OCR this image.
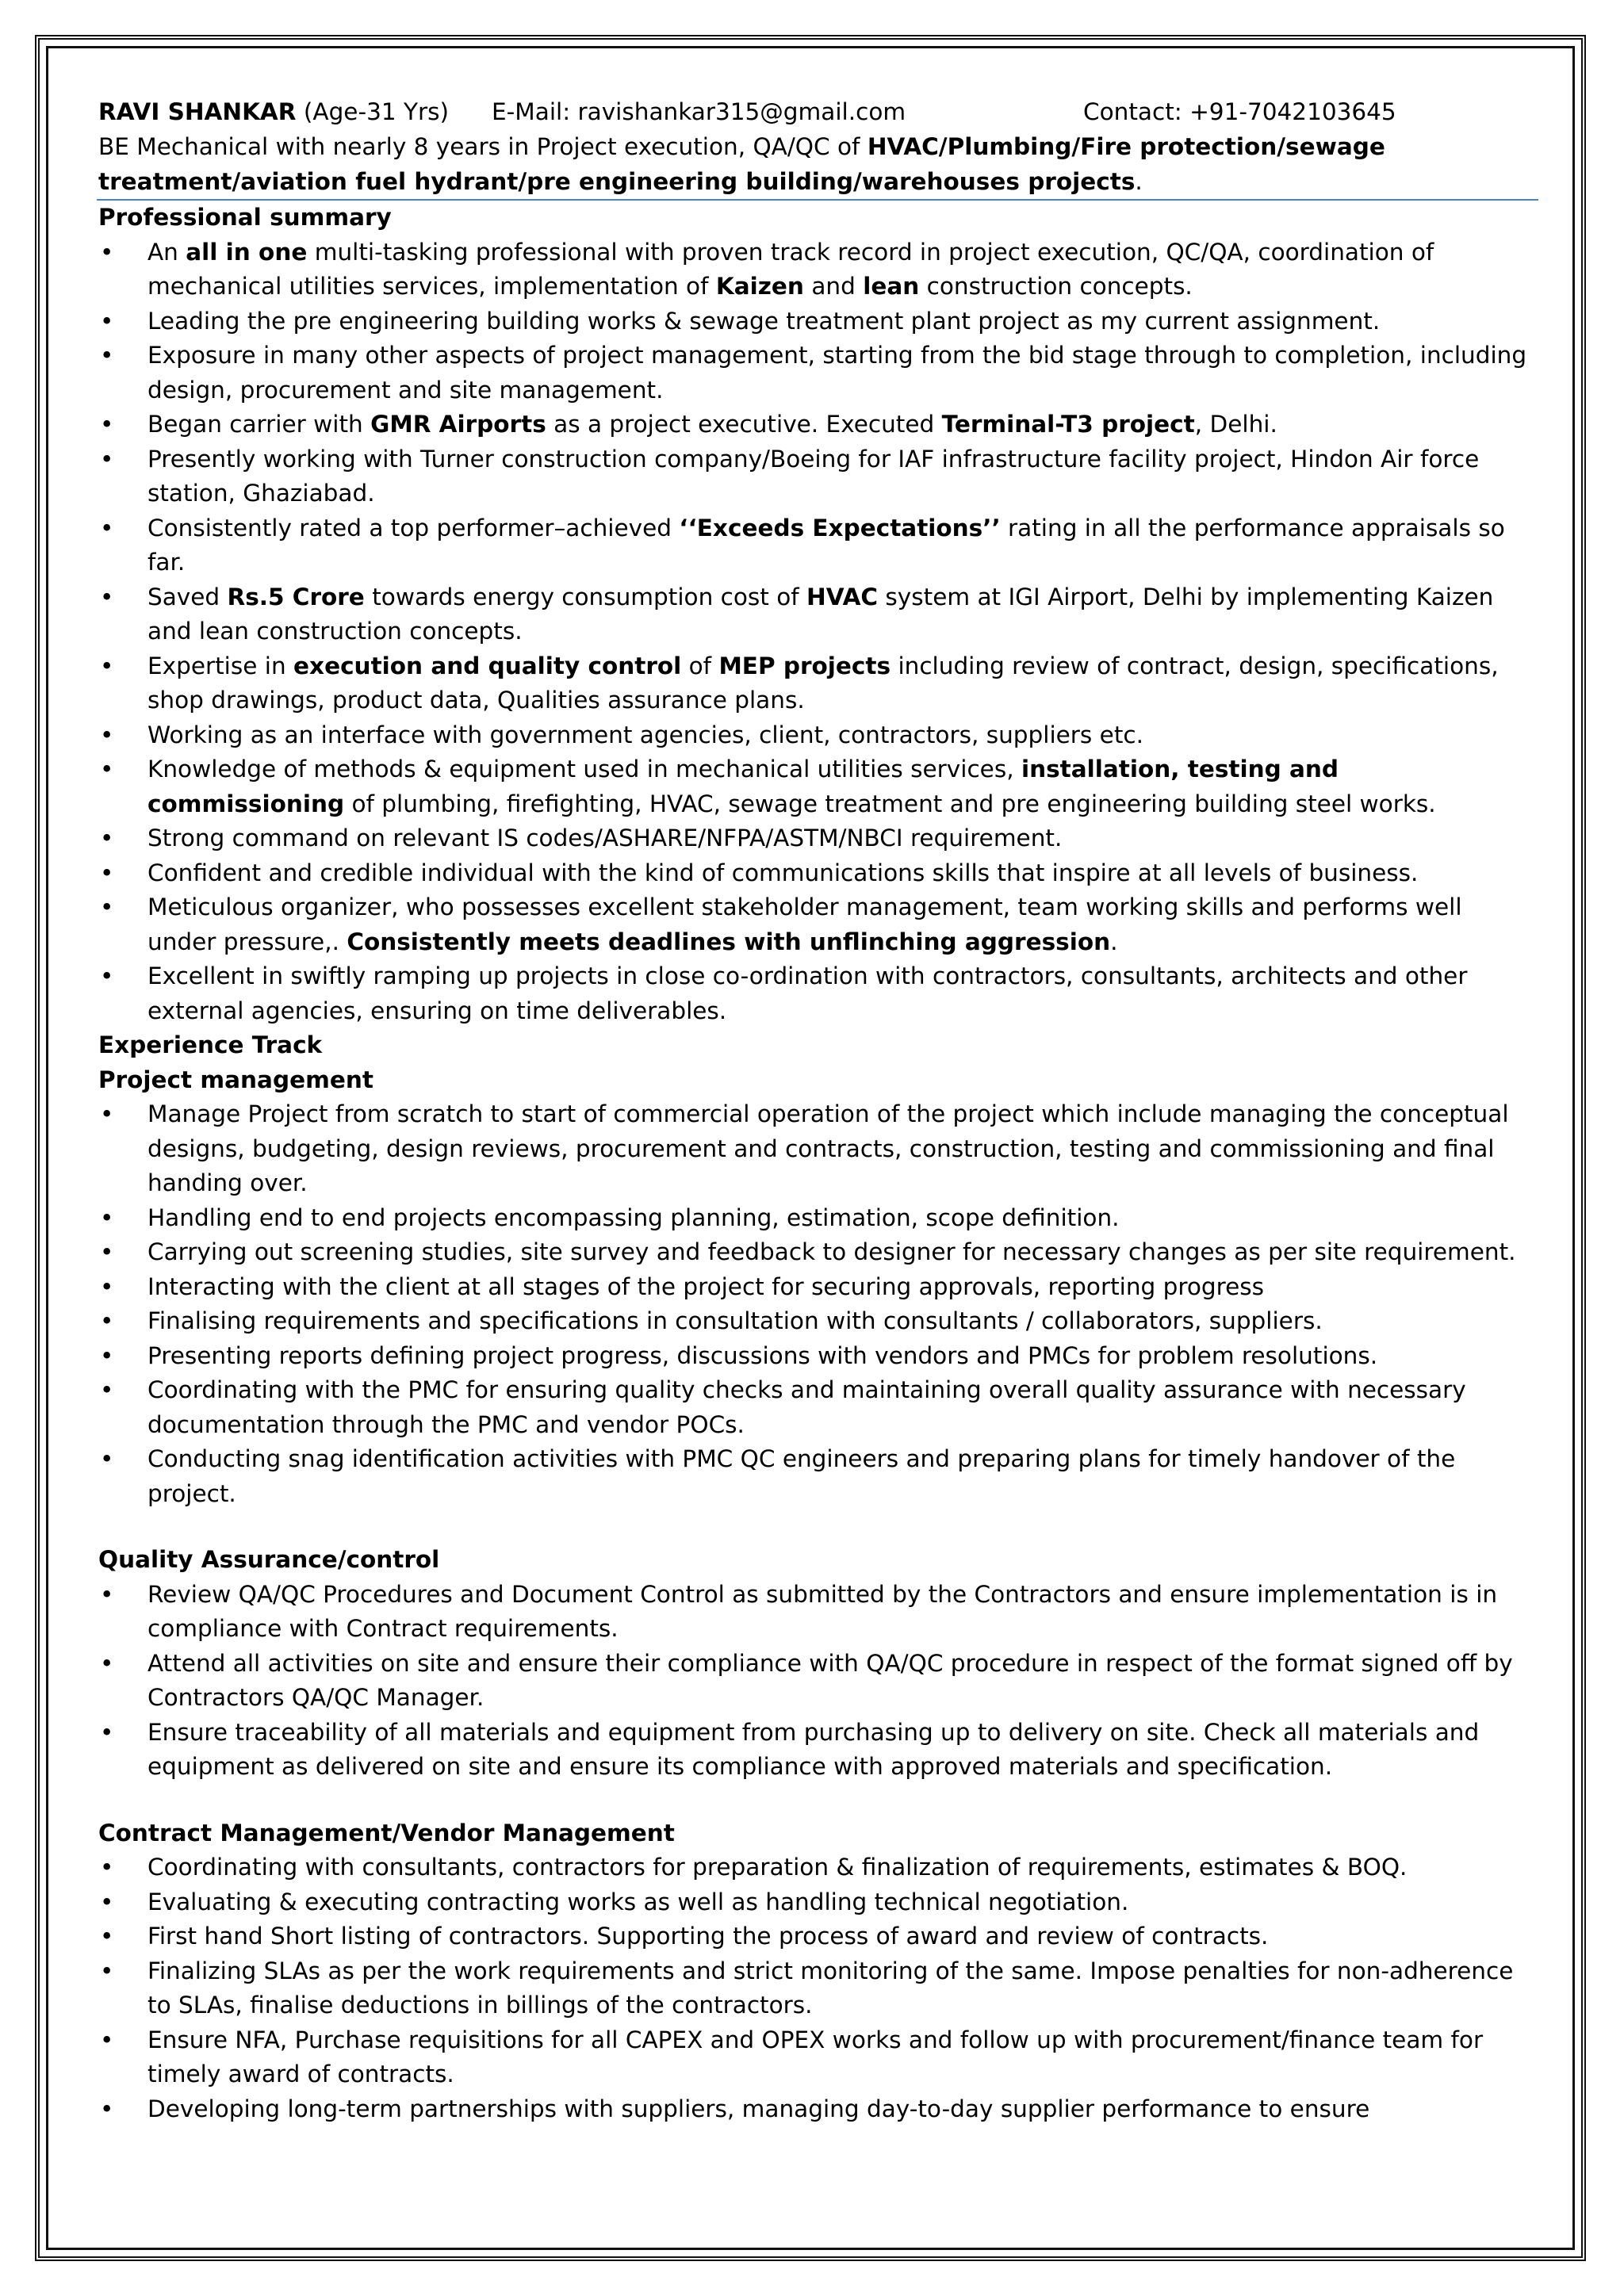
RAVI SHANKAR (Age-31 Yrs) E-Mail: ravishankar315@gmail.com	Contact: +91-7042103645
BE Mechanical with nearly 8 years in Project execution, QA/QC of HVAC/Plumbing/Fire protection/sewage treatment/aviation fuel hydrant/pre engineering building/warehouses projects.
Professional summary
• An all in one multi-tasking professional with proven track record in project execution, QC/QA, coordination of mechanical utilities services, implementation of Kaizen and lean construction concepts.
• Leading the pre engineering building works & sewage treatment plant project as my current assignment.
• Exposure in many other aspects of project management, starting from the bid stage through to completion, including design, procurement and site management.
• Began carrier with GMR Airports as a project executive. Executed Terminal-T3 project, Delhi.
• Presently working with Turner construction company/Boeing for IAF infrastructure facility project, Hindon Air force station, Ghaziabad.
• Consistently rated a top performer–achieved ‘‘Exceeds Expectations’’ rating in all the performance appraisals so far.
• Saved Rs.5 Crore towards energy consumption cost of HVAC system at IGI Airport, Delhi by implementing Kaizen and lean construction concepts.
• Expertise in execution and quality control of MEP projects including review of contract, design, specifications, shop drawings, product data, Qualities assurance plans.
• Working as an interface with government agencies, client, contractors, suppliers etc.
• Knowledge of methods & equipment used in mechanical utilities services, installation, testing and commissioning of plumbing, firefighting, HVAC, sewage treatment and pre engineering building steel works.
• Strong command on relevant IS codes/ASHARE/NFPA/ASTM/NBCI requirement.
• Confident and credible individual with the kind of communications skills that inspire at all levels of business.
• Meticulous organizer, who possesses excellent stakeholder management, team working skills and performs well under pressure,. Consistently meets deadlines with unflinching aggression.
• Excellent in swiftly ramping up projects in close co-ordination with contractors, consultants, architects and other external agencies, ensuring on time deliverables.
Experience Track
Project management
• Manage Project from scratch to start of commercial operation of the project which include managing the conceptual designs, budgeting, design reviews, procurement and contracts, construction, testing and commissioning and final handing over.
• Handling end to end projects encompassing planning, estimation, scope definition.
• Carrying out screening studies, site survey and feedback to designer for necessary changes as per site requirement.
• Interacting with the client at all stages of the project for securing approvals, reporting progress
• Finalising requirements and specifications in consultation with consultants / collaborators, suppliers.
• Presenting reports defining project progress, discussions with vendors and PMCs for problem resolutions.
• Coordinating with the PMC for ensuring quality checks and maintaining overall quality assurance with necessary documentation through the PMC and vendor POCs.
• Conducting snag identification activities with PMC QC engineers and preparing plans for timely handover of the project.
Quality Assurance/control
• Review QA/QC Procedures and Document Control as submitted by the Contractors and ensure implementation is in compliance with Contract requirements.
• Attend all activities on site and ensure their compliance with QA/QC procedure in respect of the format signed off by Contractors QA/QC Manager.
• Ensure traceability of all materials and equipment from purchasing up to delivery on site. Check all materials and equipment as delivered on site and ensure its compliance with approved materials and specification.
Contract Management/Vendor Management
• Coordinating with consultants, contractors for preparation & finalization of requirements, estimates & BOQ.
• Evaluating & executing contracting works as well as handling technical negotiation.
• First hand Short listing of contractors. Supporting the process of award and review of contracts.
• Finalizing SLAs as per the work requirements and strict monitoring of the same. Impose penalties for non-adherence to SLAs, finalise deductions in billings of the contractors.
• Ensure NFA, Purchase requisitions for all CAPEX and OPEX works and follow up with procurement/finance team for timely award of contracts.
• Developing long-term partnerships with suppliers, managing day-to-day supplier performance to ensure
